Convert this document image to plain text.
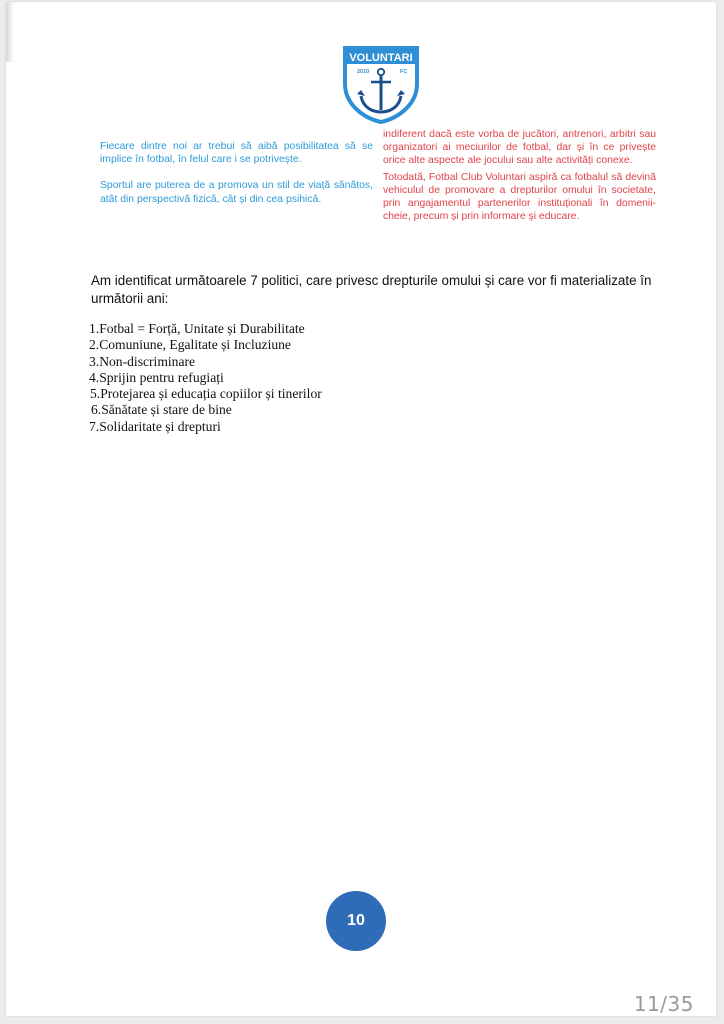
VOLUNTARI
2010	FC

Fiecare dintre noi ar trebui să aibă posibilitatea să se implice în fotbal, în felul care i se potrivește.

Sportul are puterea de a promova un stil de viață sănătos, atât din perspectivă fizică, cât și din cea psihică.

indiferent dacă este vorba de jucători, antrenori, arbitri sau organizatori ai meciurilor de fotbal, dar și în ce privește orice alte aspecte ale jocului sau alte activități conexe.

Totodată, Fotbal Club Voluntari aspiră ca fotbalul să devină vehiculul de promovare a drepturilor omului în societate, prin angajamentul partenerilor instituționali în domenii-cheie, precum și prin informare și educare.

Am identificat următoarele 7 politici, care privesc drepturile omului și care vor fi materializate în următorii ani:
1.Fotbal = Forță, Unitate și Durabilitate
2.Comuniune, Egalitate și Incluziune
3.Non-discriminare
4.Sprijin pentru refugiați
5.Protejarea și educația copiilor și tinerilor
6.Sănătate și stare de bine
7.Solidaritate și drepturi
10
11/35
